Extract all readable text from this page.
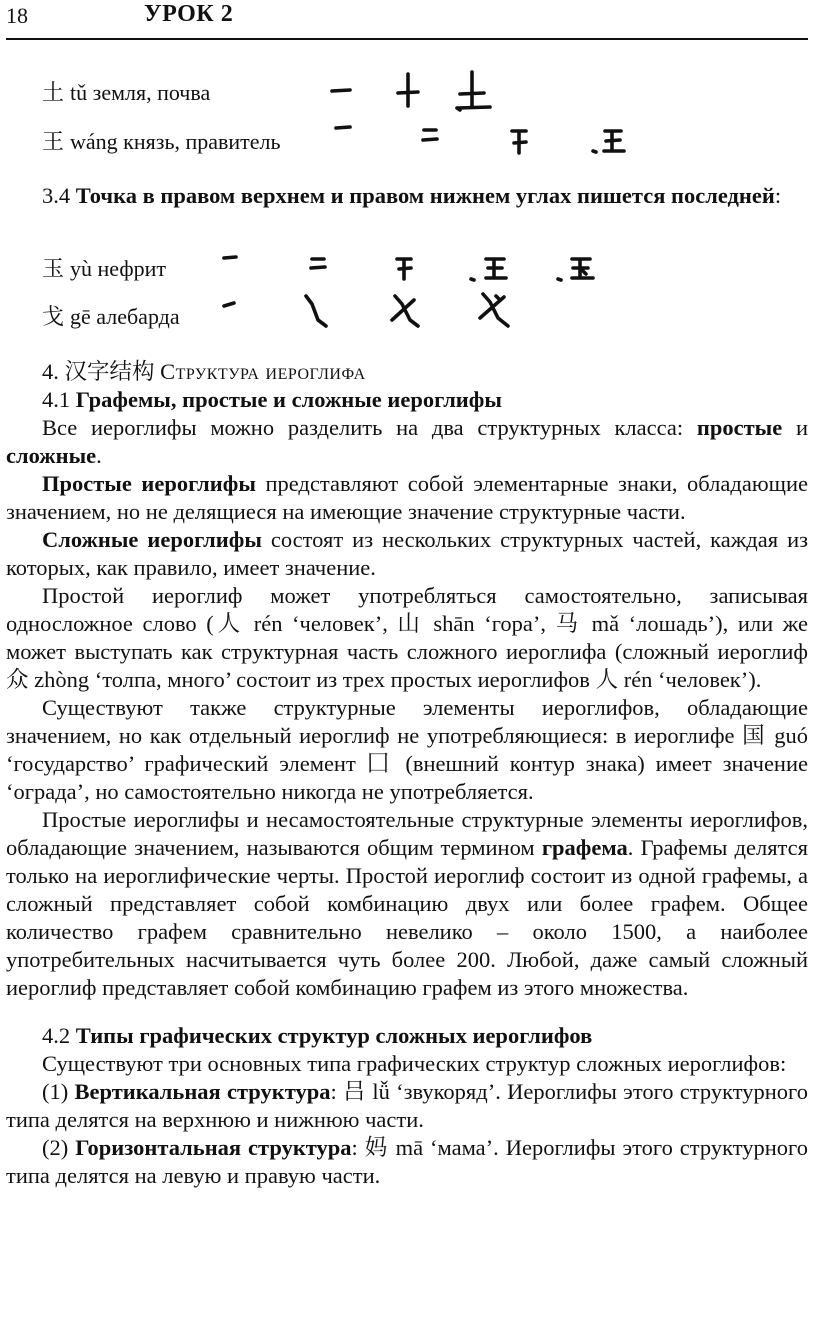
18	УРОК 2
土 tǔ земля, почва
王 wáng князь, правитель

3.4 Точка в правом верхнем и правом нижнем углах пишется последней:

玉 yù нефрит
戈 gē алебарда

4. 汉字结构 Структура иероглифа

4.1 Графемы, простые и сложные иероглифы

Все иероглифы можно разделить на два структурных класса: простые и сложные.

Простые иероглифы представляют собой элементарные знаки, обладающие значением, но не делящиеся на имеющие значение структурные части.

Сложные иероглифы состоят из нескольких структурных частей, каждая из которых, как правило, имеет значение.

Простой иероглиф может употребляться самостоятельно, записывая односложное слово (人 rén ‘человек’, 山 shān ‘гора’, 马 mǎ ‘лошадь’), или же может выступать как структурная часть сложного иероглифа (сложный иероглиф 众 zhòng ‘толпа, много’ состоит из трех простых иероглифов 人 rén ‘человек’).

Существуют также структурные элементы иероглифов, обладающие значением, но как отдельный иероглиф не употребляющиеся: в иероглифе 国 guó ‘государство’ графический элемент 囗 (внешний контур знака) имеет значение ‘ограда’, но самостоятельно никогда не употребляется.

Простые иероглифы и несамостоятельные структурные элементы иероглифов, обладающие значением, называются общим термином графема. Графемы делятся только на иероглифические черты. Простой иероглиф состоит из одной графемы, а сложный представляет собой комбинацию двух или более графем. Общее количество графем сравнительно невелико – около 1500, а наиболее употребительных насчитывается чуть более 200. Любой, даже самый сложный иероглиф представляет собой комбинацию графем из этого множества.

4.2 Типы графических структур сложных иероглифов

Существуют три основных типа графических структур сложных иероглифов:

(1) Вертикальная структура: 吕 lǚ ‘звукоряд’. Иероглифы этого структурного типа делятся на верхнюю и нижнюю части.

(2) Горизонтальная структура: 妈 mā ‘мама’. Иероглифы этого структурного типа делятся на левую и правую части.
